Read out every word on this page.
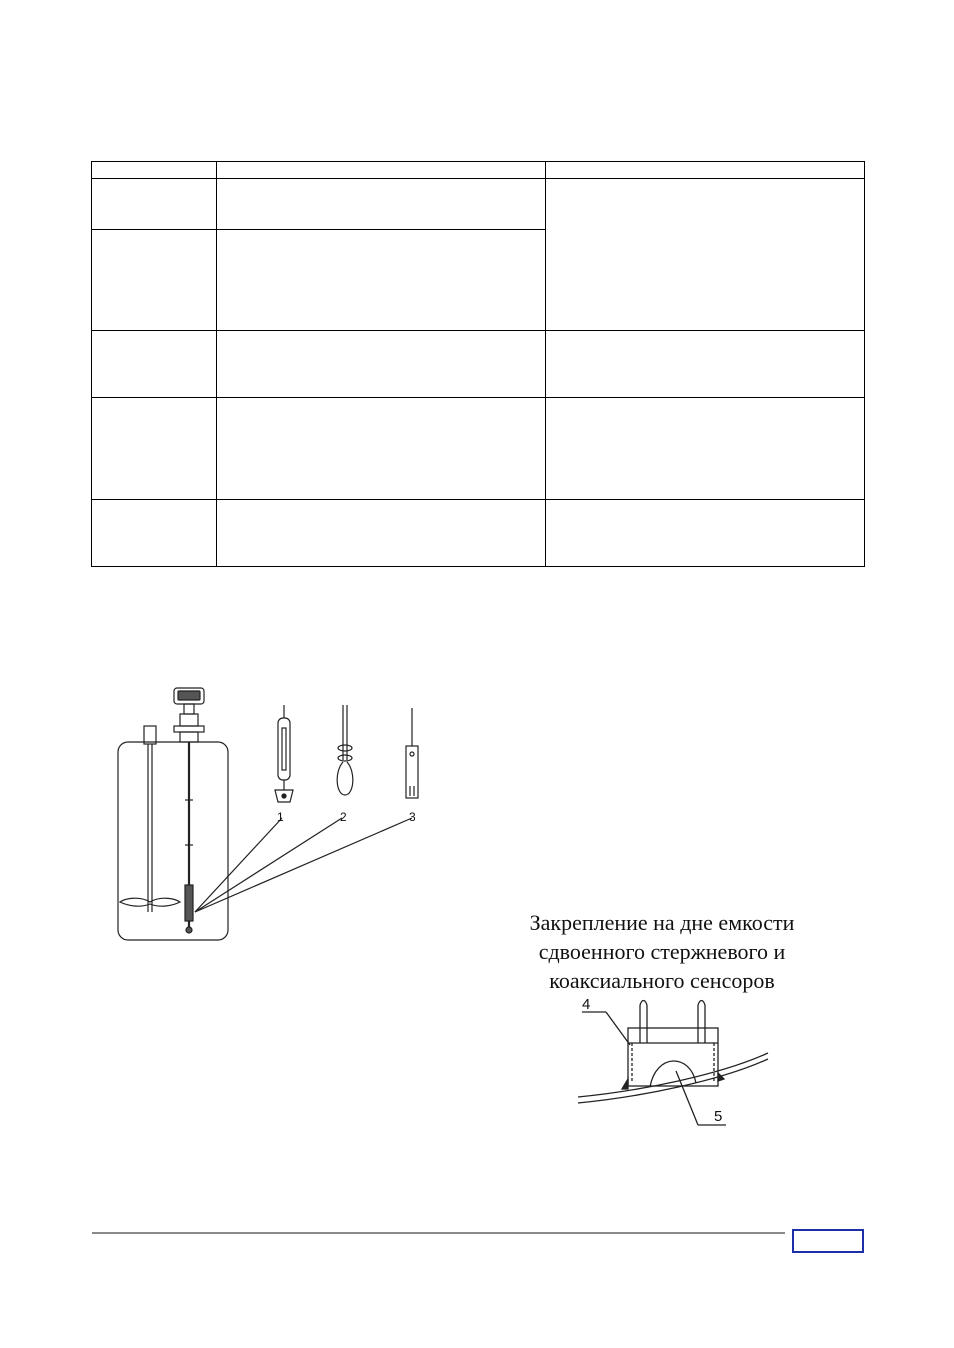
1	2	3
Закрепление на дне емкости
сдвоенного стержневого и
коаксиального сенсоров
4
5
